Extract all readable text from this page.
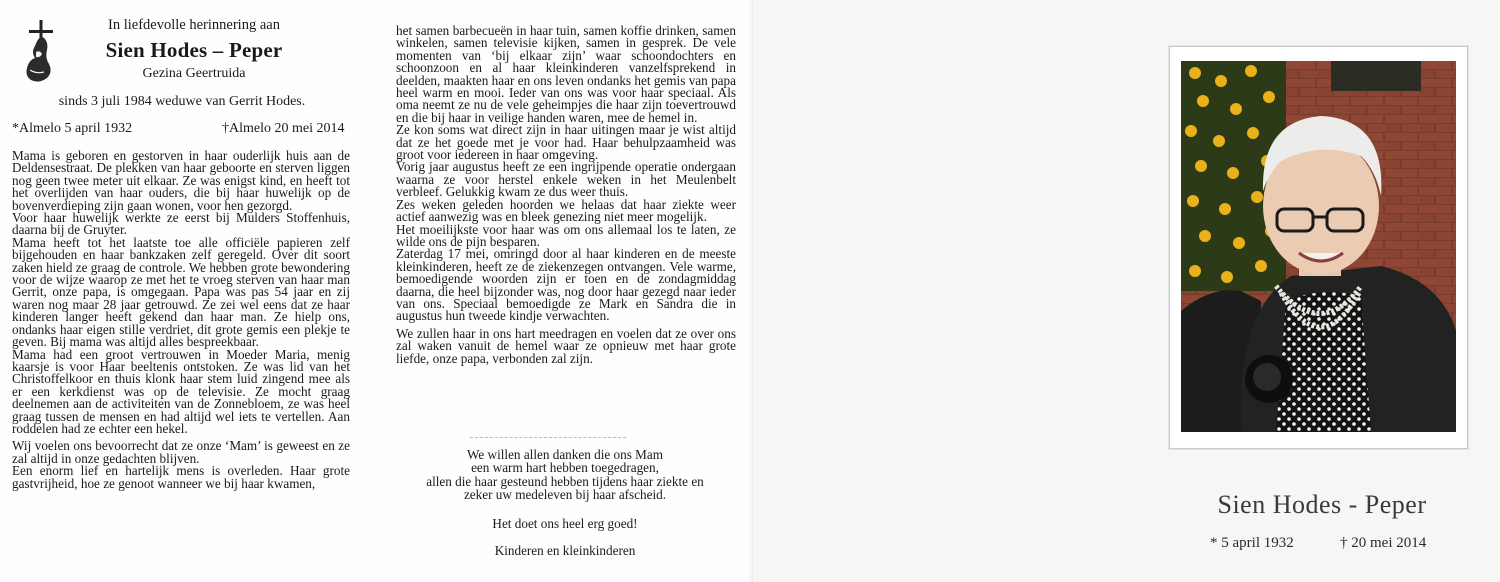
In liefdevolle herinnering aan
Sien Hodes – Peper
Gezina Geertruida
sinds 3 juli 1984 weduwe van Gerrit Hodes.
*Almelo 5 april 1932	†Almelo 20 mei 2014

Mama is geboren en gestorven in haar ouderlijk huis aan de Deldensestraat. De plekken van haar geboorte en sterven liggen nog geen twee meter uit elkaar. Ze was enigst kind, en heeft tot het overlijden van haar ouders, die bij haar huwelijk op de bovenverdieping zijn gaan wonen, voor hen gezorgd.

Voor haar huwelijk werkte ze eerst bij Mulders Stoffenhuis, daarna bij de Gruyter.

Mama heeft tot het laatste toe alle officiële papieren zelf bijgehouden en haar bankzaken zelf geregeld. Over dit soort zaken hield ze graag de controle. We hebben grote bewondering voor de wijze waarop ze met het te vroeg sterven van haar man Gerrit, onze papa, is omgegaan. Papa was pas 54 jaar en zij waren nog maar 28 jaar getrouwd. Ze zei wel eens dat ze haar kinderen langer heeft gekend dan haar man. Ze hielp ons, ondanks haar eigen stille verdriet, dit grote gemis een plekje te geven. Bij mama was altijd alles bespreekbaar.

Mama had een groot vertrouwen in Moeder Maria, menig kaarsje is voor Haar beeltenis ontstoken. Ze was lid van het Christoffelkoor en thuis klonk haar stem luid zingend mee als er een kerkdienst was op de televisie. Ze mocht graag deelnemen aan de activiteiten van de Zonnebloem, ze was heel graag tussen de mensen en had altijd wel iets te vertellen. Aan roddelen had ze echter een hekel.

Wij voelen ons bevoorrecht dat ze onze ‘Mam’ is geweest en ze zal altijd in onze gedachten blijven.

Een enorm lief en hartelijk mens is overleden. Haar grote gastvrijheid, hoe ze genoot wanneer we bij haar kwamen,

het samen barbecueën in haar tuin, samen koffie drinken, samen winkelen, samen televisie kijken, samen in gesprek. De vele momenten van ‘bij elkaar zijn’ waar schoondochters en schoonzoon en al haar kleinkinderen vanzelfsprekend in deelden, maakten haar en ons leven ondanks het gemis van papa heel warm en mooi. Ieder van ons was voor haar speciaal. Als oma neemt ze nu de vele geheimpjes die haar zijn toevertrouwd en die bij haar in veilige handen waren, mee de hemel in.

Ze kon soms wat direct zijn in haar uitingen maar je wist altijd dat ze het goede met je voor had. Haar behulpzaamheid was groot voor iedereen in haar omgeving.

Vorig jaar augustus heeft ze een ingrijpende operatie ondergaan waarna ze voor herstel enkele weken in het Meulenbelt verbleef. Gelukkig kwam ze dus weer thuis.

Zes weken geleden hoorden we helaas dat haar ziekte weer actief aanwezig was en bleek genezing niet meer mogelijk.

Het moeilijkste voor haar was om ons allemaal los te laten, ze wilde ons de pijn besparen.

Zaterdag 17 mei, omringd door al haar kinderen en de meeste kleinkinderen, heeft ze de ziekenzegen ontvangen. Vele warme, bemoedigende woorden zijn er toen en de zondagmiddag daarna, die heel bijzonder was, nog door haar gezegd naar ieder van ons. Speciaal bemoedigde ze Mark en Sandra die in augustus hun tweede kindje verwachten.

We zullen haar in ons hart meedragen en voelen dat ze over ons zal waken vanuit de hemel waar ze opnieuw met haar grote liefde, onze papa, verbonden zal zijn.

We willen allen danken die ons Mam
een warm hart hebben toegedragen,
allen die haar gesteund hebben tijdens haar ziekte en
zeker uw medeleven bij haar afscheid.
Het doet ons heel erg goed!
Kinderen en kleinkinderen
Sien Hodes - Peper
* 5 april 1932	† 20 mei 2014
